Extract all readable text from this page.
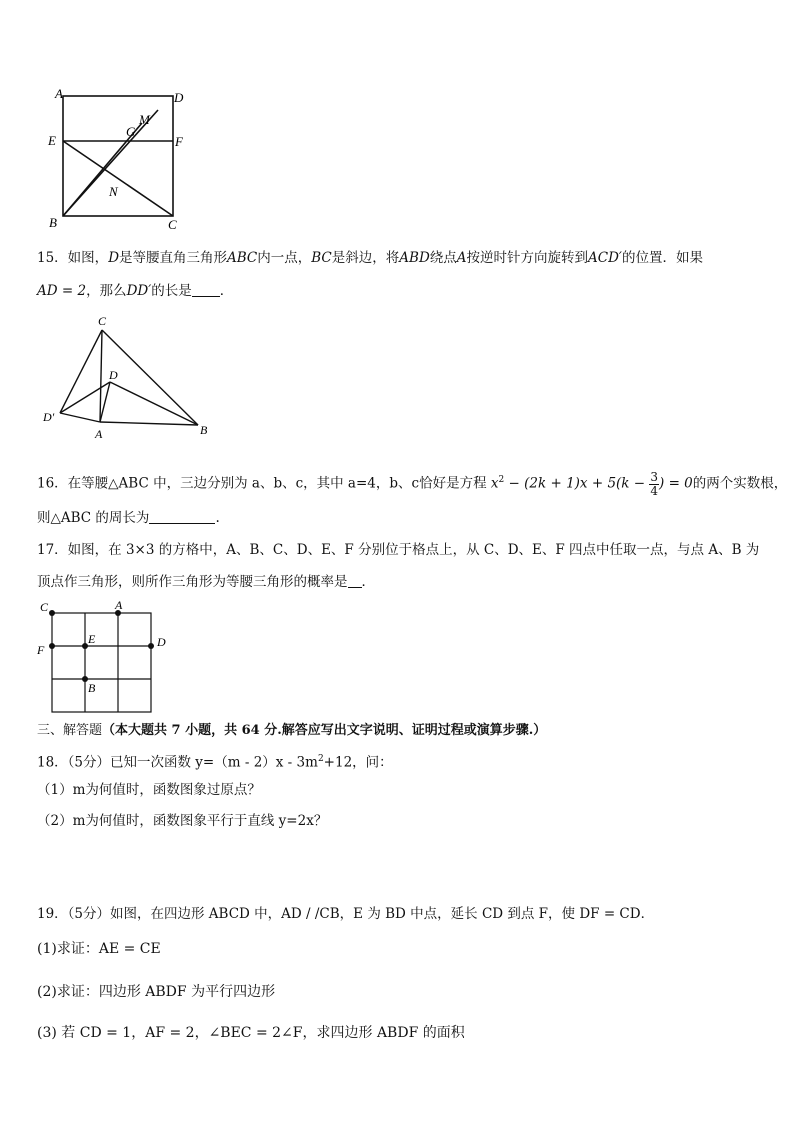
A	D
E	F
G
M
N
B	C
15．如图，D是等腰直角三角形ABC内一点，BC是斜边，将ABD绕点A按逆时针方向旋转到ACD′的位置．如果
AD = 2，那么DD′的长是 ．
C
D
D′
A	B
16．在等腰△ABC 中，三边分别为 a、b、c，其中 a=4，b、c恰好是方程 $x^2 - (2k + 1)x + 5(k - \frac{3}{4}$ ) = 0的两个实数根，
则△ABC 的周长为	.
17．如图，在 3×3 的方格中，A、B、C、D、E、F 分别位于格点上，从 C、D、E、F 四点中任取一点，与点 A、B 为
顶点作三角形，则所作三角形为等腰三角形的概率是 ．
C	A
E	D
F
B
三、解答题（本大题共 7 小题，共 64 分.解答应写出文字说明、证明过程或演算步骤.）
18．（5分）已知一次函数 $y=(m - 2)x - 3m^2+12$，问：
（1）m为何值时，函数图象过原点？
（2）m为何值时，函数图象平行于直线 y=2x？
19．（5分）如图，在四边形 ABCD 中，AD / /CB，E 为 BD 中点，延长 CD 到点 F，使 DF = CD．
(1)求证：AE = CE
(2)求证：四边形 ABDF 为平行四边形
(3) 若 CD = 1，AF = 2，∠BEC = 2∠F，求四边形 ABDF 的面积
